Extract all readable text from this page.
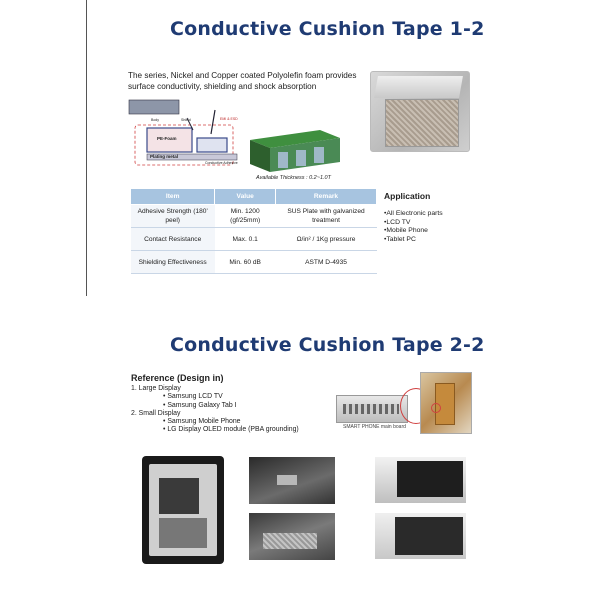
Conductive Cushion Tape 1-2
The series, Nickel and Copper coated Polyolefin foam provides surface conductivity, shielding and shock absorption
PE-Foam
Plating metal
Conductive Adhesive
Body	Shield	EMI & ESD
Available Thickness : 0.2~1.0T
Item	Value	Remark
Adhesive Strength (180' peel)	Min. 1200 (gf/25mm)	SUS Plate with galvanized treatment
Contact Resistance	Max. 0.1	Ω/in² / 1Kg pressure
Shielding Effectiveness	Min. 60 dB	ASTM D-4935
Application
•All Electronic parts
•LCD TV
•Mobile Phone
•Tablet PC
Conductive Cushion Tape 2-2
Reference (Design in)
1. Large Display
• Samsung LCD TV
• Samsung Galaxy Tab I
2. Small Display
• Samsung Mobile Phone
• LG Display OLED module (PBA grounding)	SMART PHONE main board
